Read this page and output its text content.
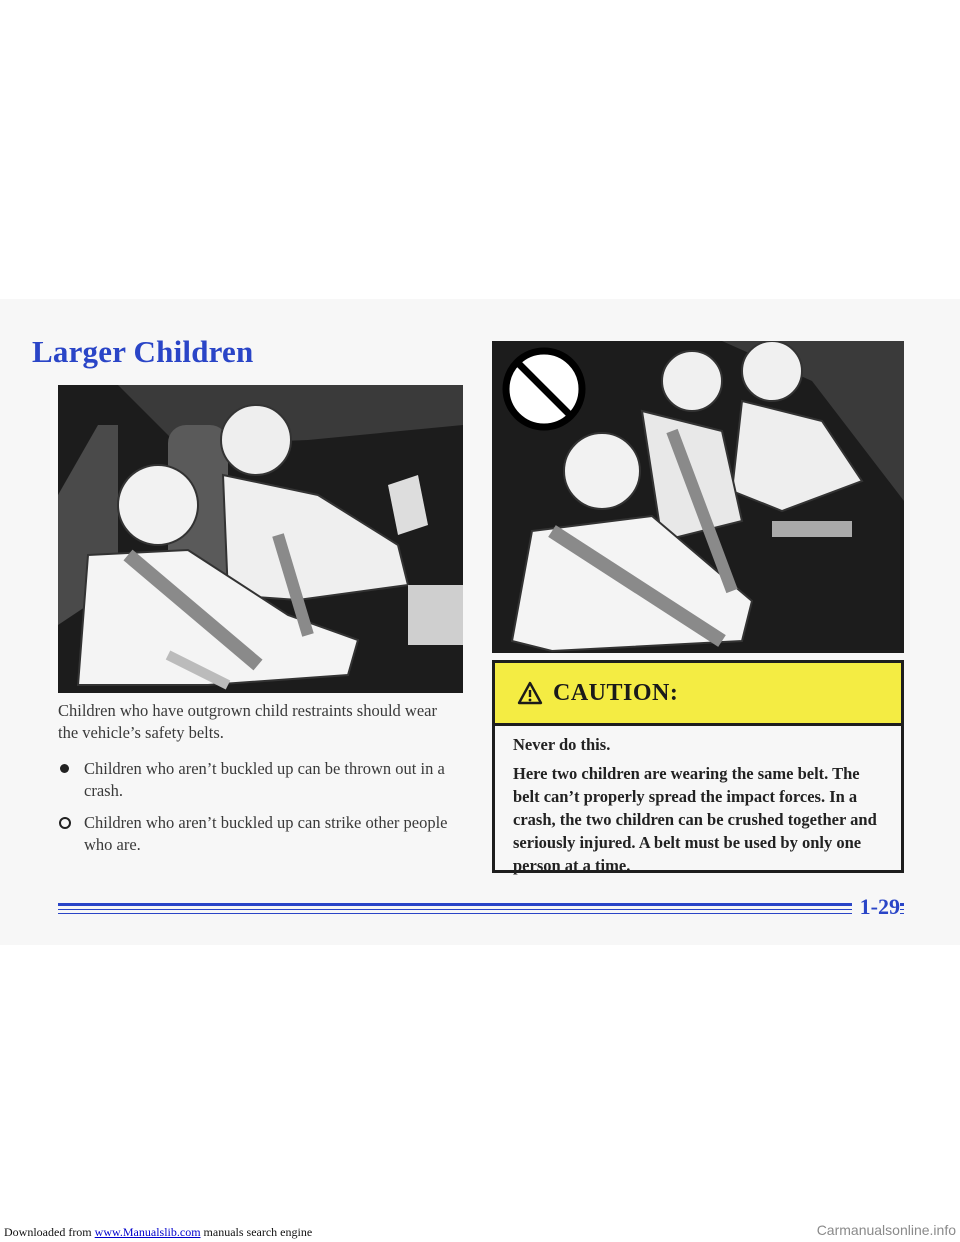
Larger Children

Children who have outgrown child restraints should wear the vehicle’s safety belts.

Children who aren’t buckled up can be thrown out in a crash.
Children who aren’t buckled up can strike other people who are.
CAUTION:

Never do this.

Here two children are wearing the same belt. The belt can’t properly spread the impact forces. In a crash, the two children can be crushed together and seriously injured. A belt must be used by only one person at a time.

1-29
Downloaded from www.Manualslib.com manuals search engine	Carmanualsonline.info
